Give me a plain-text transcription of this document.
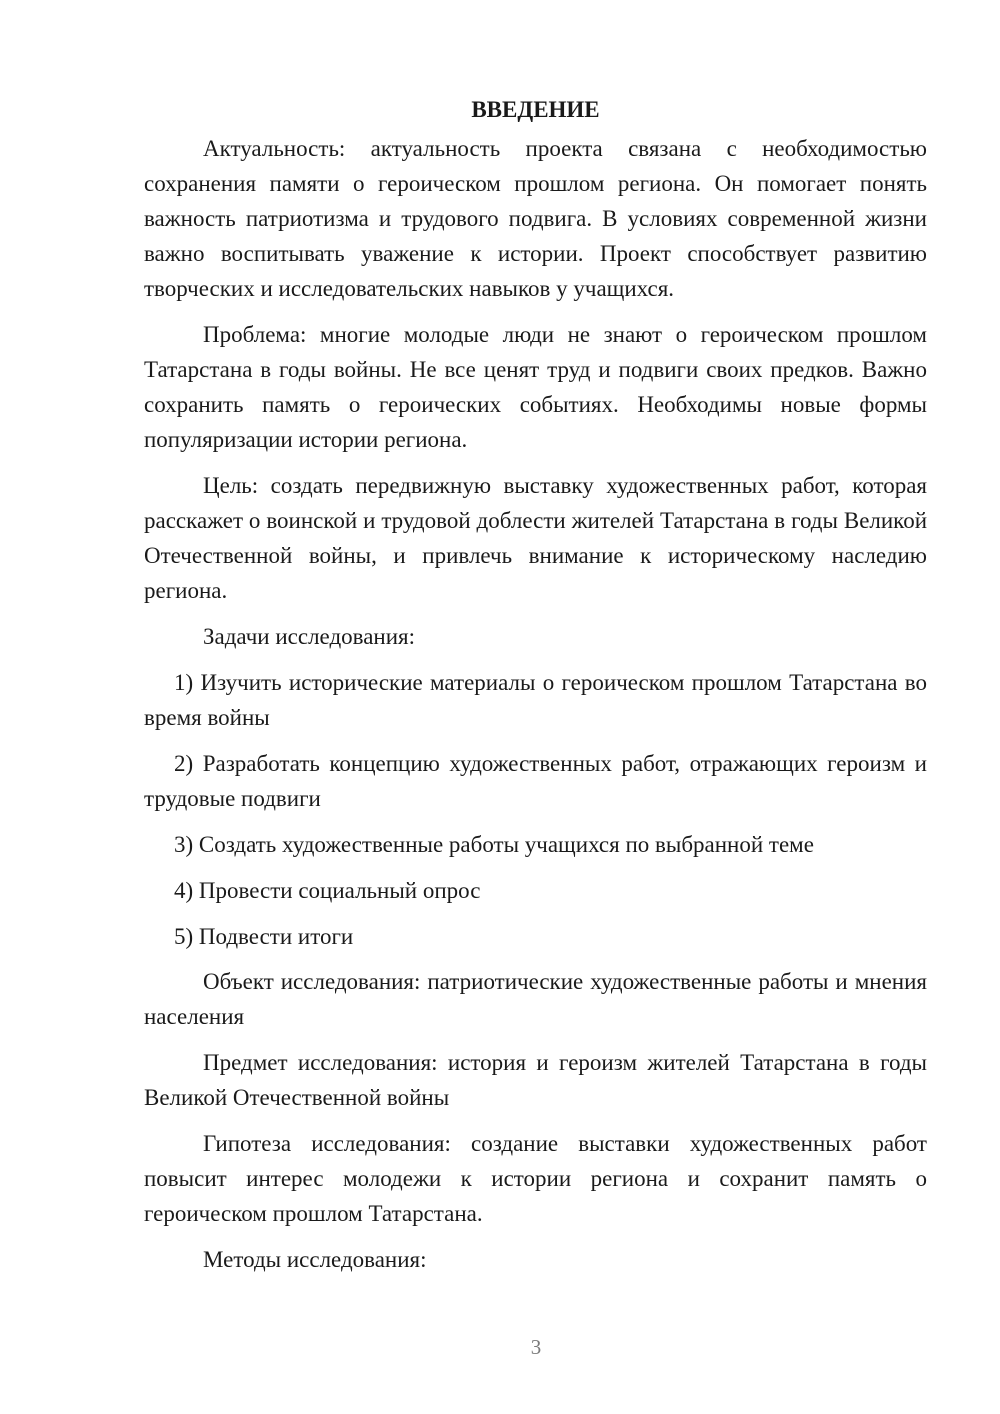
ВВЕДЕНИЕ

Актуальность: актуальность проекта связана с необходимостью сохранения памяти о героическом прошлом региона. Он помогает понять важность патриотизма и трудового подвига. В условиях современной жизни важно воспитывать уважение к истории. Проект способствует развитию творческих и исследовательских навыков у учащихся.

Проблема: многие молодые люди не знают о героическом прошлом Татарстана в годы войны. Не все ценят труд и подвиги своих предков. Важно сохранить память о героических событиях. Необходимы новые формы популяризации истории региона.

Цель: создать передвижную выставку художественных работ, которая расскажет о воинской и трудовой доблести жителей Татарстана в годы Великой Отечественной войны, и привлечь внимание к историческому наследию региона.

Задачи исследования:

1) Изучить исторические материалы о героическом прошлом Татарстана во время войны

2) Разработать концепцию художественных работ, отражающих героизм и трудовые подвиги

3) Создать художественные работы учащихся по выбранной теме

4) Провести социальный опрос

5) Подвести итоги

Объект исследования: патриотические художественные работы и мнения населения

Предмет исследования: история и героизм жителей Татарстана в годы Великой Отечественной войны

Гипотеза исследования: создание выставки художественных работ повысит интерес молодежи к истории региона и сохранит память о героическом прошлом Татарстана.

Методы исследования:

3
